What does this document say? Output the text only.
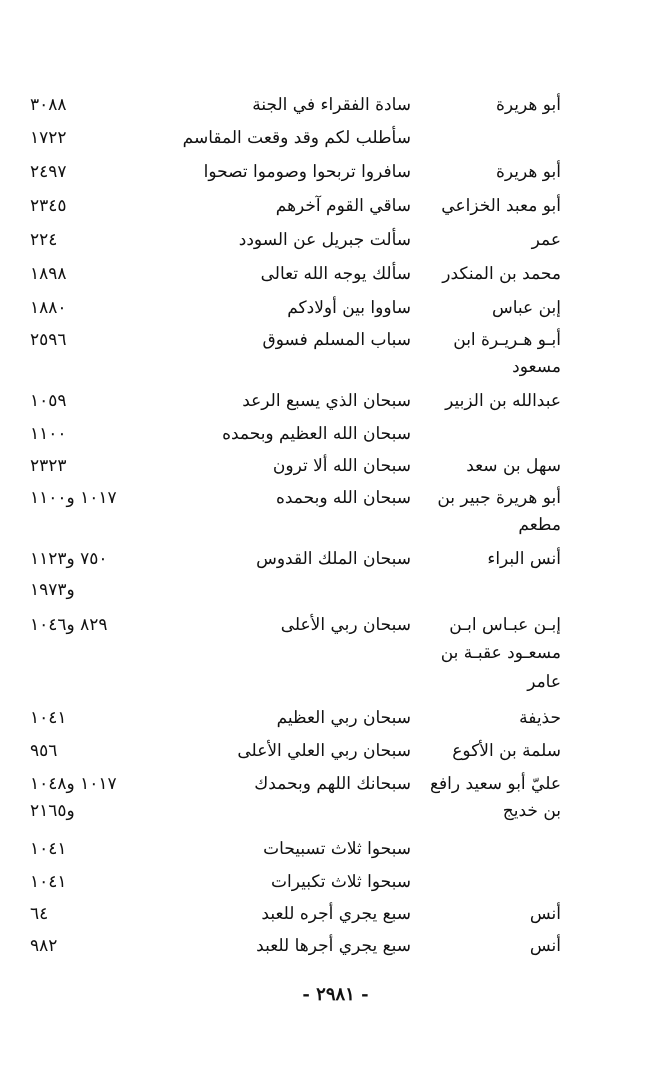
أبو هريرة
سادة الفقراء في الجنة
٣٠٨٨
سأطلب لكم وقد وقعت المقاسم
١٧٢٢
أبو هريرة
سافروا تربحوا وصوموا تصحوا
٢٤٩٧
أبو معبد الخزاعي
ساقي القوم آخرهم
٢٣٤٥
عمر
سألت جبريل عن السودد
٢٢٤
محمد بن المنكدر
سألك يوجه الله تعالى
١٨٩٨
إبن عباس
ساووا بين أولادكم
١٨٨٠
أبـو هـريـرة ابن
سباب المسلم فسوق
٢٥٩٦
مسعود
عبدالله بن الزبير
سبحان الذي يسبع الرعد
١٠٥٩
سبحان الله العظيم وبحمده
١١٠٠
سهل بن سعد
سبحان الله ألا ترون
٢٣٢٣
أبو هريرة جبير بن
سبحان الله وبحمده
١٠١٧ و١١٠٠
مطعم
أنس البراء
سبحان الملك القدوس
٧٥٠ و١١٢٣
و١٩٧٣
إبـن عبـاس ابـن
سبحان ربي الأعلى
٨٢٩ و١٠٤٦
مسعـود عقبـة بن
عامر
حذيفة
سبحان ربي العظيم
١٠٤١
سلمة بن الأكوع
سبحان ربي العلي الأعلى
٩٥٦
عليّ أبو سعيد رافع
سبحانك اللهم وبحمدك
١٠١٧ و١٠٤٨
بن خديج
و٢١٦٥
سبحوا ثلاث تسبيحات
١٠٤١
سبحوا ثلاث تكبيرات
١٠٤١
أنس
سبع يجري أجره للعبد
٦٤
أنس
سبع يجري أجرها للعبد
٩٨٢
- ٢٩٨١ -
